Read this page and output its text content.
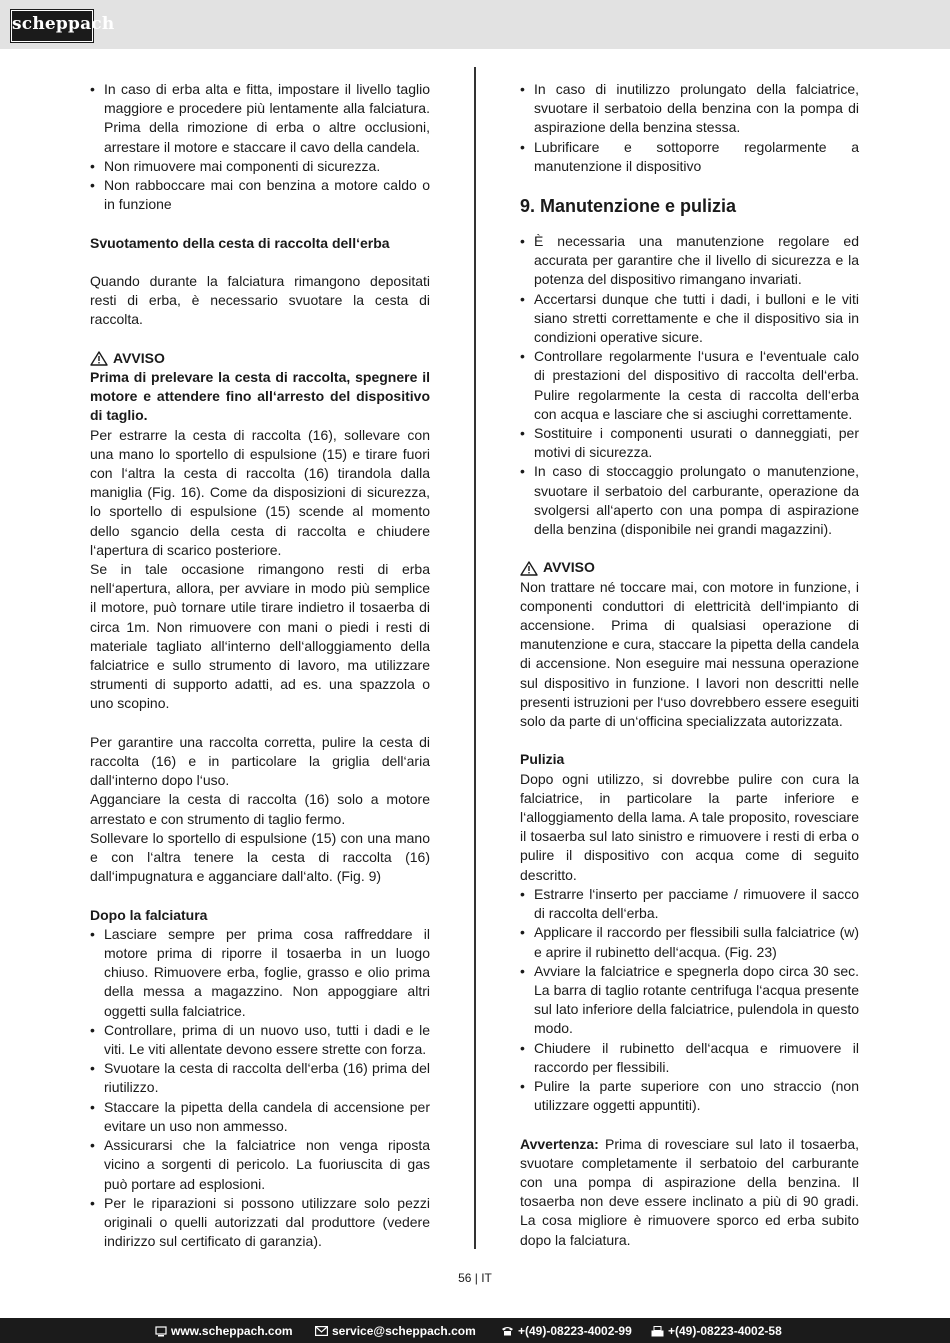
scheppach
• In caso di erba alta e fitta, impostare il livello taglio maggiore e procedere più lentamente alla falciatura. Prima della rimozione di erba o altre occlusioni, arrestare il motore e staccare il cavo della candela.
• Non rimuovere mai componenti di sicurezza.
• Non rabboccare mai con benzina a motore caldo o in funzione

Svuotamento della cesta di raccolta dell‘erba

Quando durante la falciatura rimangono depositati resti di erba, è necessario svuotare la cesta di raccolta.

AVVISO

Prima di prelevare la cesta di raccolta, spegnere il motore e attendere fino all‘arresto del dispositivo di taglio.

Per estrarre la cesta di raccolta (16), sollevare con una mano lo sportello di espulsione (15) e tirare fuori con l‘altra la cesta di raccolta (16) tirandola dalla maniglia (Fig. 16). Come da disposizioni di sicurezza, lo sportello di espulsione (15) scende al momento dello sgancio della cesta di raccolta e chiudere l‘apertura di scarico posteriore.

Se in tale occasione rimangono resti di erba nell‘apertura, allora, per avviare in modo più semplice il motore, può tornare utile tirare indietro il tosaerba di circa 1m. Non rimuovere con mani o piedi i resti di materiale tagliato all‘interno dell‘alloggiamento della falciatrice e sullo strumento di lavoro, ma utilizzare strumenti di supporto adatti, ad es. una spazzola o uno scopino.

Per garantire una raccolta corretta, pulire la cesta di raccolta (16) e in particolare la griglia dell‘aria dall‘interno dopo l‘uso.

Agganciare la cesta di raccolta (16) solo a motore arrestato e con strumento di taglio fermo.

Sollevare lo sportello di espulsione (15) con una mano e con l‘altra tenere la cesta di raccolta (16) dall‘impugnatura e agganciare dall‘alto. (Fig. 9)

Dopo la falciatura

• Lasciare sempre per prima cosa raffreddare il motore prima di riporre il tosaerba in un luogo chiuso. Rimuovere erba, foglie, grasso e olio prima della messa a magazzino. Non appoggiare altri oggetti sulla falciatrice.
• Controllare, prima di un nuovo uso, tutti i dadi e le viti. Le viti allentate devono essere strette con forza.
• Svuotare la cesta di raccolta dell‘erba (16) prima del riutilizzo.
• Staccare la pipetta della candela di accensione per evitare un uso non ammesso.
• Assicurarsi che la falciatrice non venga riposta vicino a sorgenti di pericolo. La fuoriuscita di gas può portare ad esplosioni.
• Per le riparazioni si possono utilizzare solo pezzi originali o quelli autorizzati dal produttore (vedere indirizzo sul certificato di garanzia).
• In caso di inutilizzo prolungato della falciatrice, svuotare il serbatoio della benzina con la pompa di aspirazione della benzina stessa.
• Lubrificare e sottoporre regolarmente a manutenzione il dispositivo
9. Manutenzione e pulizia
• È necessaria una manutenzione regolare ed accurata per garantire che il livello di sicurezza e la potenza del dispositivo rimangano invariati.
• Accertarsi dunque che tutti i dadi, i bulloni e le viti siano stretti correttamente e che il dispositivo sia in condizioni operative sicure.
• Controllare regolarmente l‘usura e l‘eventuale calo di prestazioni del dispositivo di raccolta dell‘erba. Pulire regolarmente la cesta di raccolta dell‘erba con acqua e lasciare che si asciughi correttamente.
• Sostituire i componenti usurati o danneggiati, per motivi di sicurezza.
• In caso di stoccaggio prolungato o manutenzione, svuotare il serbatoio del carburante, operazione da svolgersi all‘aperto con una pompa di aspirazione della benzina (disponibile nei grandi magazzini).
AVVISO

Non trattare né toccare mai, con motore in funzione, i componenti conduttori di elettricità dell‘impianto di accensione. Prima di qualsiasi operazione di manutenzione e cura, staccare la pipetta della candela di accensione. Non eseguire mai nessuna operazione sul dispositivo in funzione. I lavori non descritti nelle presenti istruzioni per l‘uso dovrebbero essere eseguiti solo da parte di un‘officina specializzata autorizzata.

Pulizia

Dopo ogni utilizzo, si dovrebbe pulire con cura la falciatrice, in particolare la parte inferiore e l‘alloggiamento della lama. A tale proposito, rovesciare il tosaerba sul lato sinistro e rimuovere i resti di erba o pulire il dispositivo con acqua come di seguito descritto.

• Estrarre l‘inserto per pacciame / rimuovere il sacco di raccolta dell‘erba.
• Applicare il raccordo per flessibili sulla falciatrice (w) e aprire il rubinetto dell‘acqua. (Fig. 23)
• Avviare la falciatrice e spegnerla dopo circa 30 sec. La barra di taglio rotante centrifuga l‘acqua presente sul lato inferiore della falciatrice, pulendola in questo modo.
• Chiudere il rubinetto dell‘acqua e rimuovere il raccordo per flessibili.
• Pulire la parte superiore con uno straccio (non utilizzare oggetti appuntiti).

Avvertenza: Prima di rovesciare sul lato il tosaerba, svuotare completamente il serbatoio del carburante con una pompa di aspirazione della benzina. Il tosaerba non deve essere inclinato a più di 90 gradi. La cosa migliore è rimuovere sporco ed erba subito dopo la falciatura.

56 | IT
www.scheppach.com	service@scheppach.com	+(49)-08223-4002-99	+(49)-08223-4002-58
